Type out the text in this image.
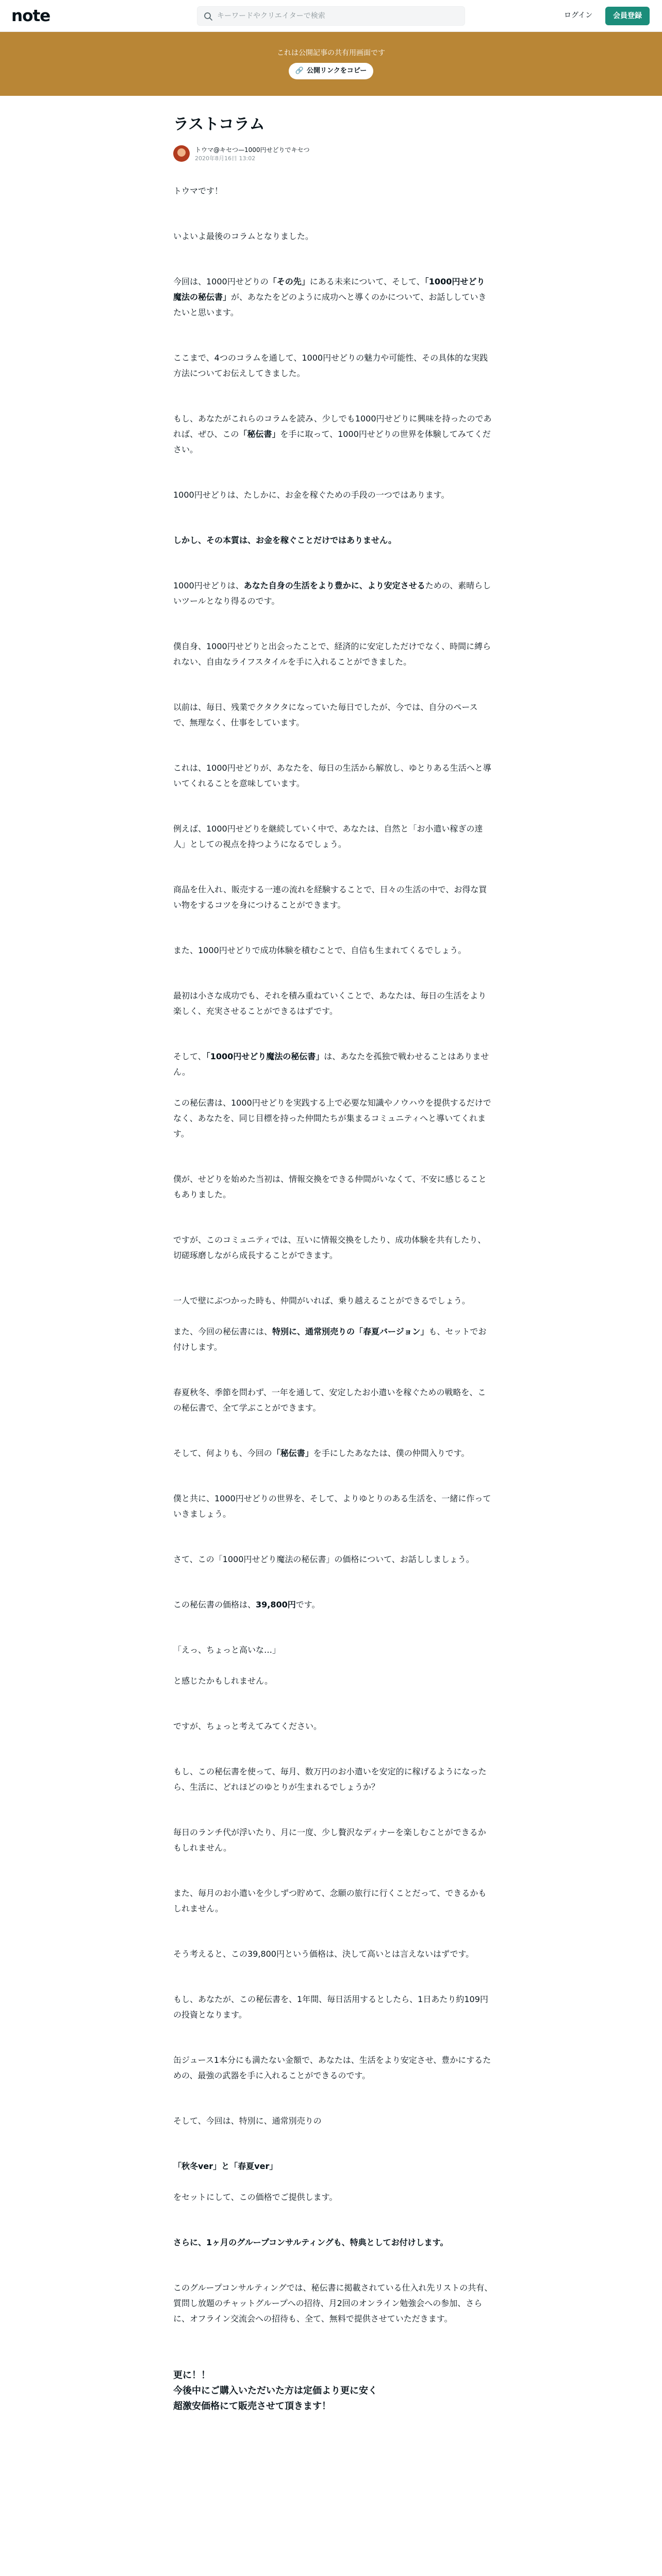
note
キーワードやクリエイターで検索	ログイン	会員登録
これは公開記事の共有用画面です
🔗 公開リンクをコピー
ラストコラム
トウマ@キセつ—1000円せどりでキセつ
2020年8月16日 13:02

トウマです！

いよいよ最後のコラムとなりました。

今回は、1000円せどりの「その先」にある未来について、そして、「1000円せどり魔法の秘伝書」が、あなたをどのように成功へと導くのかについて、お話ししていきたいと思います。

ここまで、4つのコラムを通して、1000円せどりの魅力や可能性、その具体的な実践方法についてお伝えしてきました。

もし、あなたがこれらのコラムを読み、少しでも1000円せどりに興味を持ったのであれば、ぜひ、この「秘伝書」を手に取って、1000円せどりの世界を体験してみてください。

1000円せどりは、たしかに、お金を稼ぐための手段の一つではあります。

しかし、その本質は、お金を稼ぐことだけではありません。

1000円せどりは、あなた自身の生活をより豊かに、より安定させるための、素晴らしいツールとなり得るのです。

僕自身、1000円せどりと出会ったことで、経済的に安定しただけでなく、時間に縛られない、自由なライフスタイルを手に入れることができました。

以前は、毎日、残業でクタクタになっていた毎日でしたが、今では、自分のペースで、無理なく、仕事をしています。

これは、1000円せどりが、あなたを、毎日の生活から解放し、ゆとりある生活へと導いてくれることを意味しています。

例えば、1000円せどりを継続していく中で、あなたは、自然と「お小遣い稼ぎの達人」としての視点を持つようになるでしょう。

商品を仕入れ、販売する一連の流れを経験することで、日々の生活の中で、お得な買い物をするコツを身につけることができます。

また、1000円せどりで成功体験を積むことで、自信も生まれてくるでしょう。

最初は小さな成功でも、それを積み重ねていくことで、あなたは、毎日の生活をより楽しく、充実させることができるはずです。

そして、「1000円せどり魔法の秘伝書」は、あなたを孤独で戦わせることはありません。

この秘伝書は、1000円せどりを実践する上で必要な知識やノウハウを提供するだけでなく、あなたを、同じ目標を持った仲間たちが集まるコミュニティへと導いてくれます。

僕が、せどりを始めた当初は、情報交換をできる仲間がいなくて、不安に感じることもありました。

ですが、このコミュニティでは、互いに情報交換をしたり、成功体験を共有したり、切磋琢磨しながら成長することができます。

一人で壁にぶつかった時も、仲間がいれば、乗り越えることができるでしょう。

また、今回の秘伝書には、特別に、通常別売りの「春夏バージョン」も、セットでお付けします。

春夏秋冬、季節を問わず、一年を通して、安定したお小遣いを稼ぐための戦略を、この秘伝書で、全て学ぶことができます。

そして、何よりも、今回の「秘伝書」を手にしたあなたは、僕の仲間入りです。

僕と共に、1000円せどりの世界を、そして、よりゆとりのある生活を、一緒に作っていきましょう。

さて、この「1000円せどり魔法の秘伝書」の価格について、お話ししましょう。

この秘伝書の価格は、39,800円です。

「えっ、ちょっと高いな…」

と感じたかもしれません。

ですが、ちょっと考えてみてください。

もし、この秘伝書を使って、毎月、数万円のお小遣いを安定的に稼げるようになったら、生活に、どれほどのゆとりが生まれるでしょうか？

毎日のランチ代が浮いたり、月に一度、少し贅沢なディナーを楽しむことができるかもしれません。

また、毎月のお小遣いを少しずつ貯めて、念願の旅行に行くことだって、できるかもしれません。

そう考えると、この39,800円という価格は、決して高いとは言えないはずです。

もし、あなたが、この秘伝書を、1年間、毎日活用するとしたら、1日あたり約109円の投資となります。

缶ジュース1本分にも満たない金額で、あなたは、生活をより安定させ、豊かにするための、最強の武器を手に入れることができるのです。

そして、今回は、特別に、通常別売りの

「秋冬ver」と「春夏ver」

をセットにして、この価格でご提供します。

さらに、1ヶ月のグループコンサルティングも、特典としてお付けします。

このグループコンサルティングでは、秘伝書に掲載されている仕入れ先リストの共有、質問し放題のチャットグループへの招待、月2回のオンライン勉強会への参加、さらに、オフライン交流会への招待も、全て、無料で提供させていただきます。

更に！！
今後中にご購入いただいた方は定価より更に安く
超激安価格にて販売させて頂きます！
